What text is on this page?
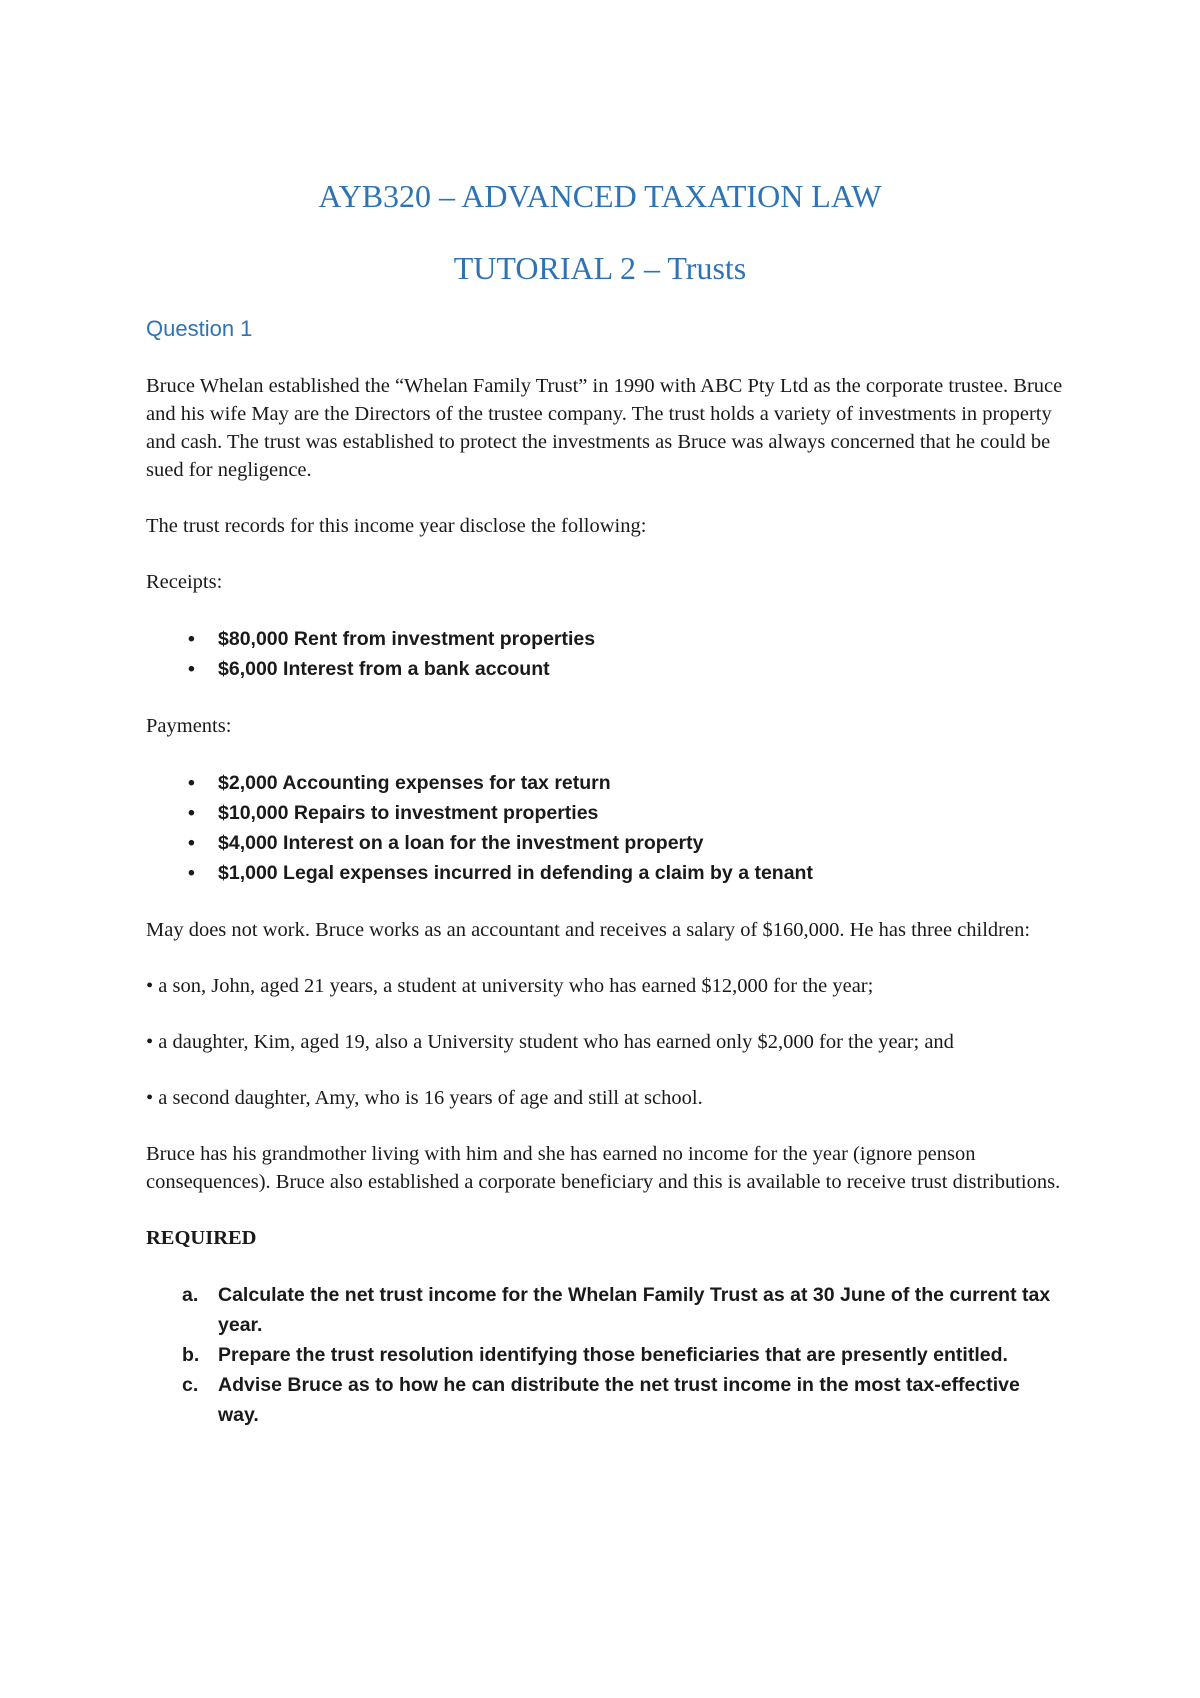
AYB320 – ADVANCED TAXATION LAW
TUTORIAL 2 – Trusts
Question 1

Bruce Whelan established the “Whelan Family Trust” in 1990 with ABC Pty Ltd as the corporate trustee. Bruce and his wife May are the Directors of the trustee company. The trust holds a variety of investments in property and cash. The trust was established to protect the investments as Bruce was always concerned that he could be sued for negligence.

The trust records for this income year disclose the following:

Receipts:

• $80,000 Rent from investment properties
• $6,000 Interest from a bank account

Payments:

• $2,000 Accounting expenses for tax return
• $10,000 Repairs to investment properties
• $4,000 Interest on a loan for the investment property
• $1,000 Legal expenses incurred in defending a claim by a tenant

May does not work. Bruce works as an accountant and receives a salary of $160,000. He has three children:

• a son, John, aged 21 years, a student at university who has earned $12,000 for the year;

• a daughter, Kim, aged 19, also a University student who has earned only $2,000 for the year; and

• a second daughter, Amy, who is 16 years of age and still at school.

Bruce has his grandmother living with him and she has earned no income for the year (ignore penson consequences). Bruce also established a corporate beneficiary and this is available to receive trust distributions.

REQUIRED

a. Calculate the net trust income for the Whelan Family Trust as at 30 June of the current tax year.
b. Prepare the trust resolution identifying those beneficiaries that are presently entitled.
c. Advise Bruce as to how he can distribute the net trust income in the most tax-effective way.
